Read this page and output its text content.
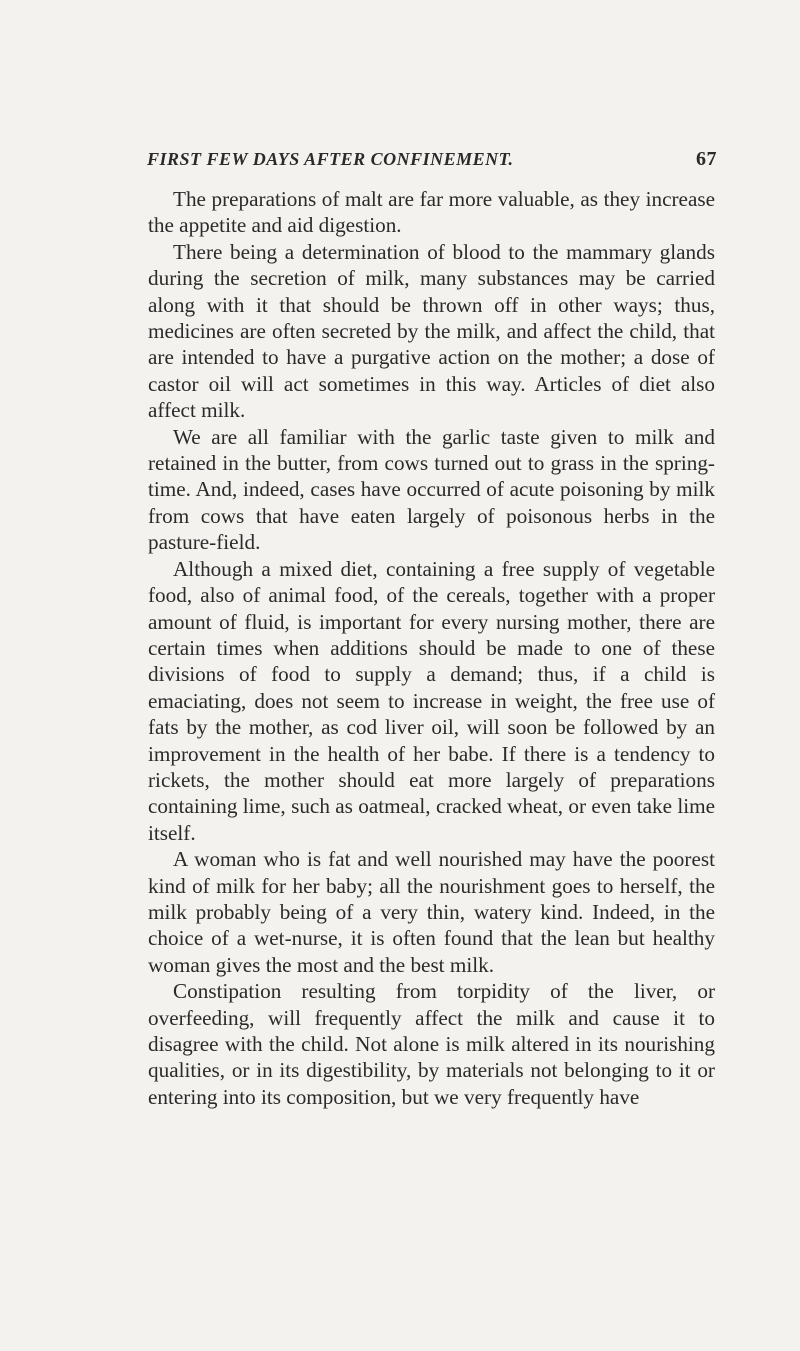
FIRST FEW DAYS AFTER CONFINEMENT.	67

The preparations of malt are far more valuable, as they increase the appetite and aid digestion.

There being a determination of blood to the mammary glands during the secretion of milk, many substances may be carried along with it that should be thrown off in other ways; thus, medicines are often secreted by the milk, and affect the child, that are intended to have a purgative action on the mother; a dose of castor oil will act sometimes in this way. Articles of diet also affect milk.

We are all familiar with the garlic taste given to milk and retained in the butter, from cows turned out to grass in the spring-time. And, indeed, cases have occurred of acute poisoning by milk from cows that have eaten largely of poisonous herbs in the pasture-field.

Although a mixed diet, containing a free supply of vegetable food, also of animal food, of the cereals, together with a proper amount of fluid, is important for every nursing mother, there are certain times when additions should be made to one of these divisions of food to supply a demand; thus, if a child is emaciating, does not seem to increase in weight, the free use of fats by the mother, as cod liver oil, will soon be followed by an improvement in the health of her babe. If there is a tendency to rickets, the mother should eat more largely of preparations containing lime, such as oatmeal, cracked wheat, or even take lime itself.

A woman who is fat and well nourished may have the poorest kind of milk for her baby; all the nourishment goes to herself, the milk probably being of a very thin, watery kind. Indeed, in the choice of a wet-nurse, it is often found that the lean but healthy woman gives the most and the best milk.

Constipation resulting from torpidity of the liver, or overfeeding, will frequently affect the milk and cause it to disagree with the child. Not alone is milk altered in its nourishing qualities, or in its digestibility, by materials not belonging to it or entering into its composition, but we very frequently have
